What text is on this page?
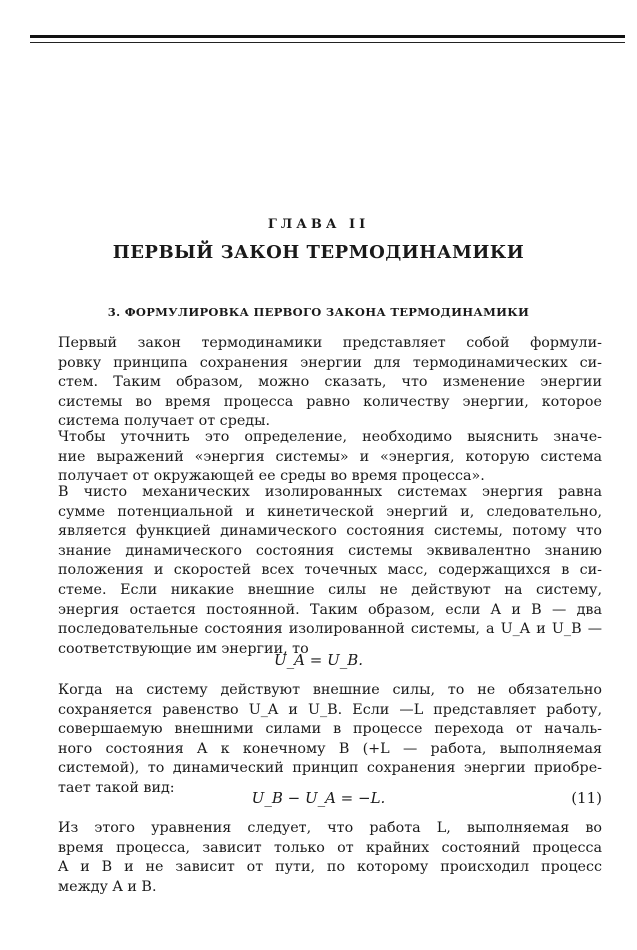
ГЛАВА II
ПЕРВЫЙ ЗАКОН ТЕРМОДИНАМИКИ
3. ФОРМУЛИРОВКА ПЕРВОГО ЗАКОНА ТЕРМОДИНАМИКИ
Первый закон термодинамики представляет собой формули-
ровку принципа сохранения энергии для термодинамических си-
стем. Таким образом, можно сказать, что изменение энергии
системы во время процесса равно количеству энергии, которое
система получает от среды.
Чтобы уточнить это определение, необходимо выяснить значе-
ние выражений «энергия системы» и «энергия, которую система
получает от окружающей ее среды во время процесса».
В чисто механических изолированных системах энергия равна
сумме потенциальной и кинетической энергий и, следовательно,
является функцией динамического состояния системы, потому что
знание динамического состояния системы эквивалентно знанию
положения и скоростей всех точечных масс, содержащихся в си-
стеме. Если никакие внешние силы не действуют на систему,
энергия остается постоянной. Таким образом, если A и B — два
последовательные состояния изолированной системы, а U_A и U_B —
соответствующие им энергии, то
U_A = U_B.
Когда на систему действуют внешние силы, то не обязательно
сохраняется равенство U_A и U_B. Если —L представляет работу,
совершаемую внешними силами в процессе перехода от началь-
ного состояния A к конечному B (+L — работа, выполняемая
системой), то динамический принцип сохранения энергии приобре-
тает такой вид:
U_B − U_A = −L.	(11)
Из этого уравнения следует, что работа L, выполняемая во
время процесса, зависит только от крайних состояний процесса
A и B и не зависит от пути, по которому происходил процесс
между A и B.
